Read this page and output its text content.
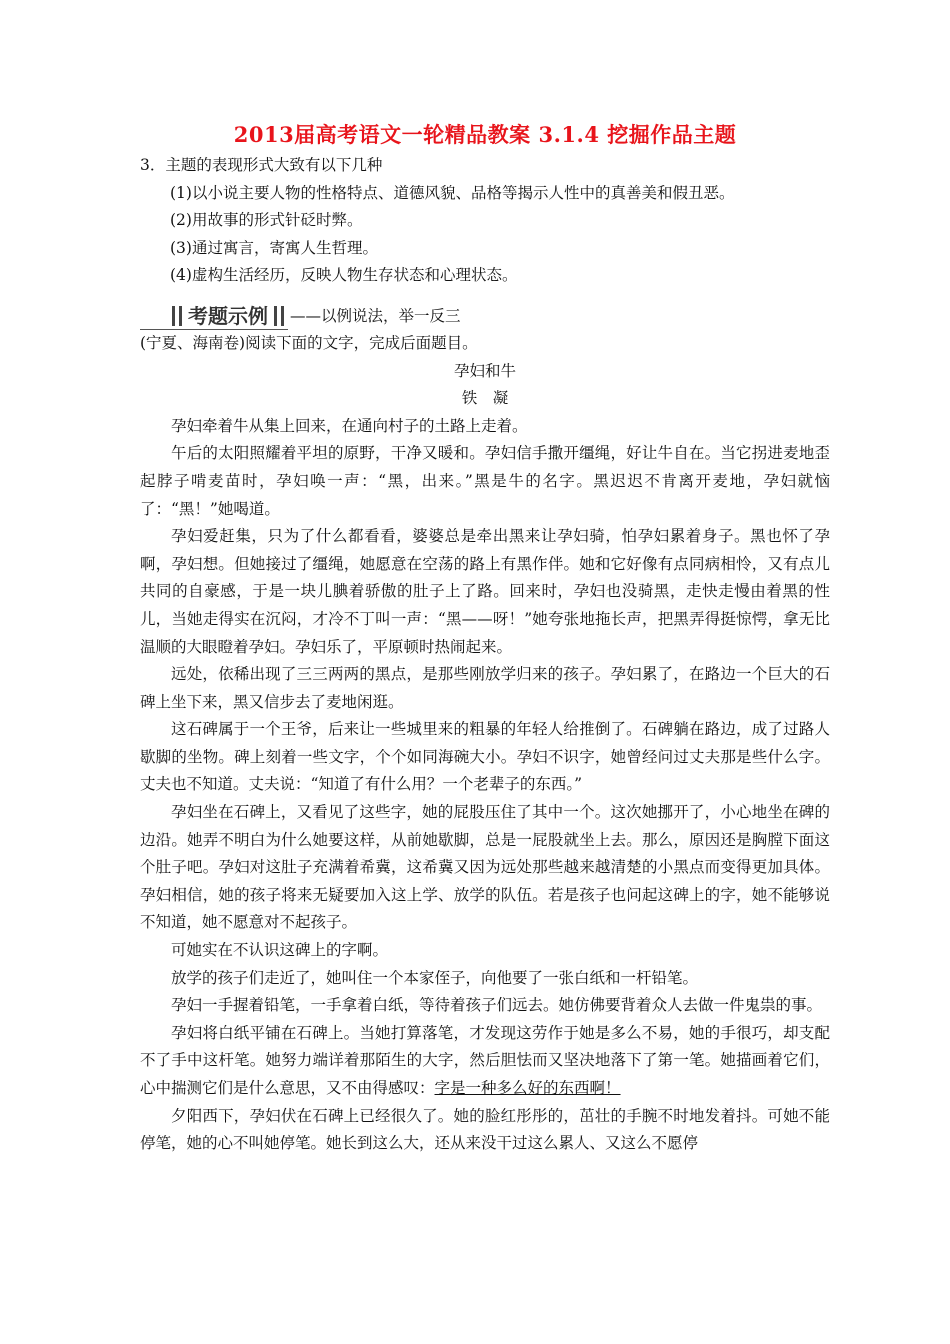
2013届高考语文一轮精品教案 3.1.4 挖掘作品主题
3．主题的表现形式大致有以下几种
(1)以小说主要人物的性格特点、道德风貌、品格等揭示人性中的真善美和假丑恶。
(2)用故事的形式针砭时弊。
(3)通过寓言，寄寓人生哲理。
(4)虚构生活经历，反映人物生存状态和心理状态。
考题示例	——以例说法，举一反三
(宁夏、海南卷)阅读下面的文字，完成后面题目。
孕妇和牛
铁　凝
孕妇牵着牛从集上回来，在通向村子的土路上走着。
午后的太阳照耀着平坦的原野，干净又暖和。孕妇信手撒开缰绳，好让牛自在。当它拐进麦地歪起脖子啃麦苗时，孕妇唤一声：“黑，出来。”黑是牛的名字。黑迟迟不肯离开麦地，孕妇就恼了：“黑！”她喝道。
孕妇爱赶集，只为了什么都看看，婆婆总是牵出黑来让孕妇骑，怕孕妇累着身子。黑也怀了孕啊，孕妇想。但她接过了缰绳，她愿意在空荡的路上有黑作伴。她和它好像有点同病相怜，又有点儿共同的自豪感，于是一块儿腆着骄傲的肚子上了路。回来时，孕妇也没骑黑，走快走慢由着黑的性儿，当她走得实在沉闷，才冷不丁叫一声：“黑——呀！”她夸张地拖长声，把黑弄得挺惊愕，拿无比温顺的大眼瞪着孕妇。孕妇乐了，平原顿时热闹起来。
远处，依稀出现了三三两两的黑点，是那些刚放学归来的孩子。孕妇累了，在路边一个巨大的石碑上坐下来，黑又信步去了麦地闲逛。
这石碑属于一个王爷，后来让一些城里来的粗暴的年轻人给推倒了。石碑躺在路边，成了过路人歇脚的坐物。碑上刻着一些文字，个个如同海碗大小。孕妇不识字，她曾经问过丈夫那是些什么字。丈夫也不知道。丈夫说：“知道了有什么用？一个老辈子的东西。”
孕妇坐在石碑上，又看见了这些字，她的屁股压住了其中一个。这次她挪开了，小心地坐在碑的边沿。她弄不明白为什么她要这样，从前她歇脚，总是一屁股就坐上去。那么，原因还是胸膛下面这个肚子吧。孕妇对这肚子充满着希冀，这希冀又因为远处那些越来越清楚的小黑点而变得更加具体。孕妇相信，她的孩子将来无疑要加入这上学、放学的队伍。若是孩子也问起这碑上的字，她不能够说不知道，她不愿意对不起孩子。
可她实在不认识这碑上的字啊。
放学的孩子们走近了，她叫住一个本家侄子，向他要了一张白纸和一杆铅笔。
孕妇一手握着铅笔，一手拿着白纸，等待着孩子们远去。她仿佛要背着众人去做一件鬼祟的事。
孕妇将白纸平铺在石碑上。当她打算落笔，才发现这劳作于她是多么不易，她的手很巧，却支配不了手中这杆笔。她努力端详着那陌生的大字，然后胆怯而又坚决地落下了第一笔。她描画着它们，心中揣测它们是什么意思，又不由得感叹：字是一种多么好的东西啊！
夕阳西下，孕妇伏在石碑上已经很久了。她的脸红彤彤的，茁壮的手腕不时地发着抖。可她不能停笔，她的心不叫她停笔。她长到这么大，还从来没干过这么累人、又这么不愿停
